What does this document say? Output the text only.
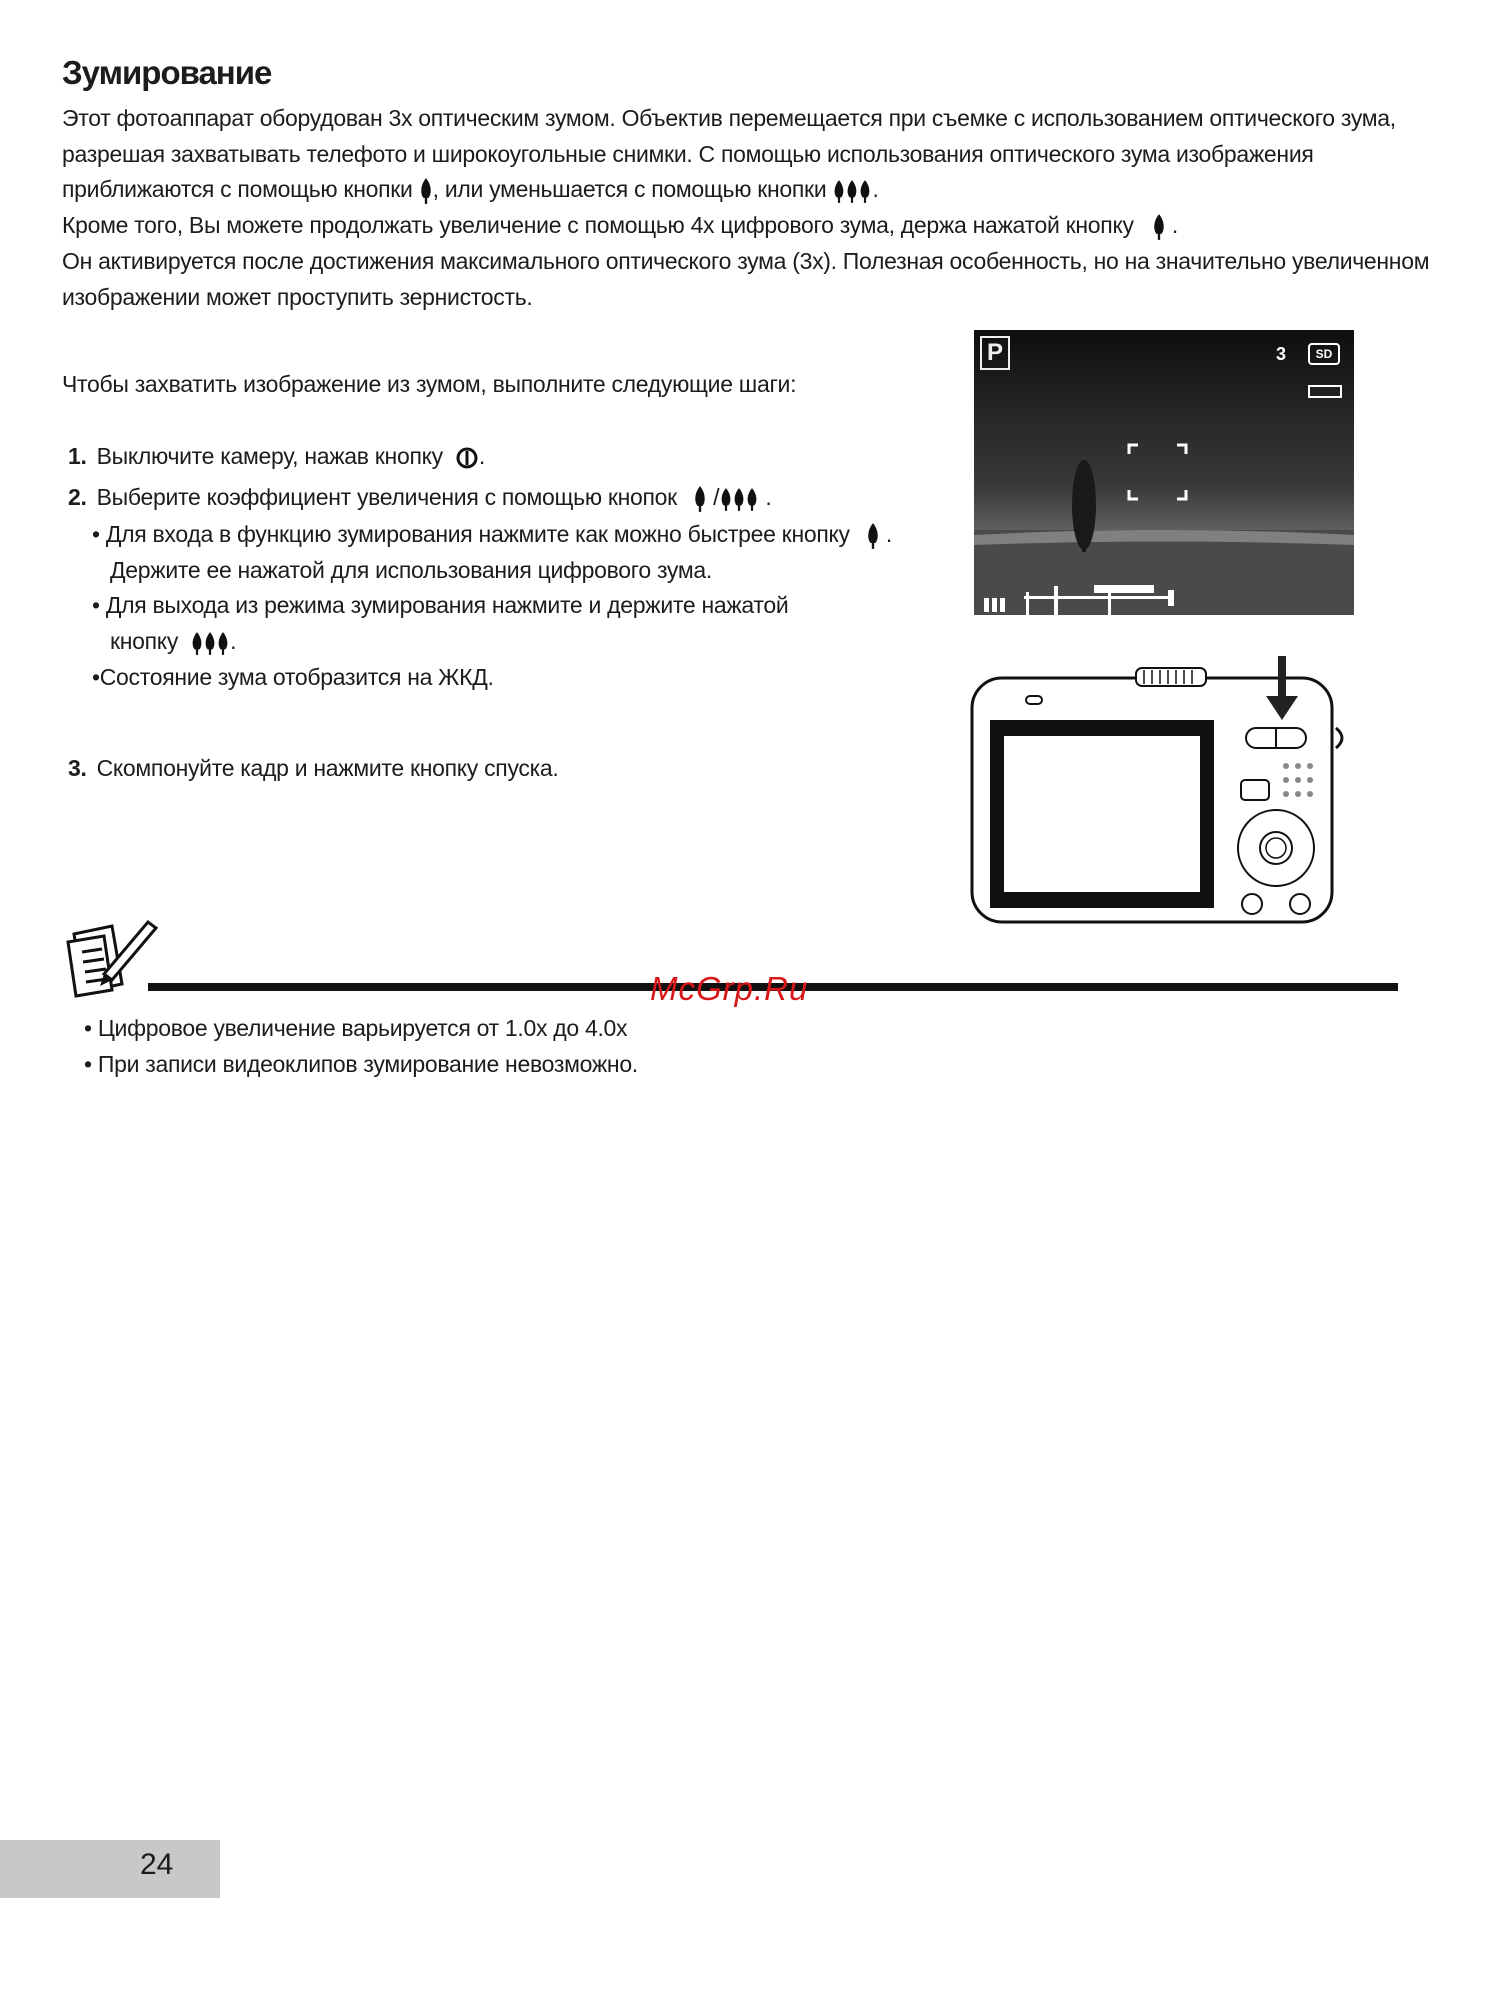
Зумирование
Этот фотоаппарат оборудован 3x оптическим зумом. Объектив перемещается при съемке с использованием оптического зума,
разрешая захватывать телефото и широкоугольные снимки. С помощью использования оптического зума изображения
приближаются с помощью кнопки , или уменьшается с помощью кнопки .
Кроме того, Вы можете продолжать увеличение с помощью 4x цифрового зума, держа нажатой кнопку .
Он активируется после достижения максимального оптического зума (3x). Полезная особенность, но на значительно увеличенном
изображении может проступить зернистость.
Чтобы захватить изображение из зумом, выполните следующие шаги:
1. Выключите камеру, нажав кнопку .
2. Выберите коэффициент увеличения с помощью кнопок / .
• Для входа в функцию зумирования нажмите как можно быстрее кнопку .
Держите ее нажатой для использования цифрового зума.
• Для выхода из режима зумирования нажмите и держите нажатой
кнопку .
•Состояние зума отобразится на ЖКД.
3. Скомпонуйте кадр и нажмите кнопку спуска.
P	3	SD
McGrp.Ru
• Цифровое увеличение варьируется от 1.0x до 4.0x
• При записи видеоклипов зумирование невозможно.
24
